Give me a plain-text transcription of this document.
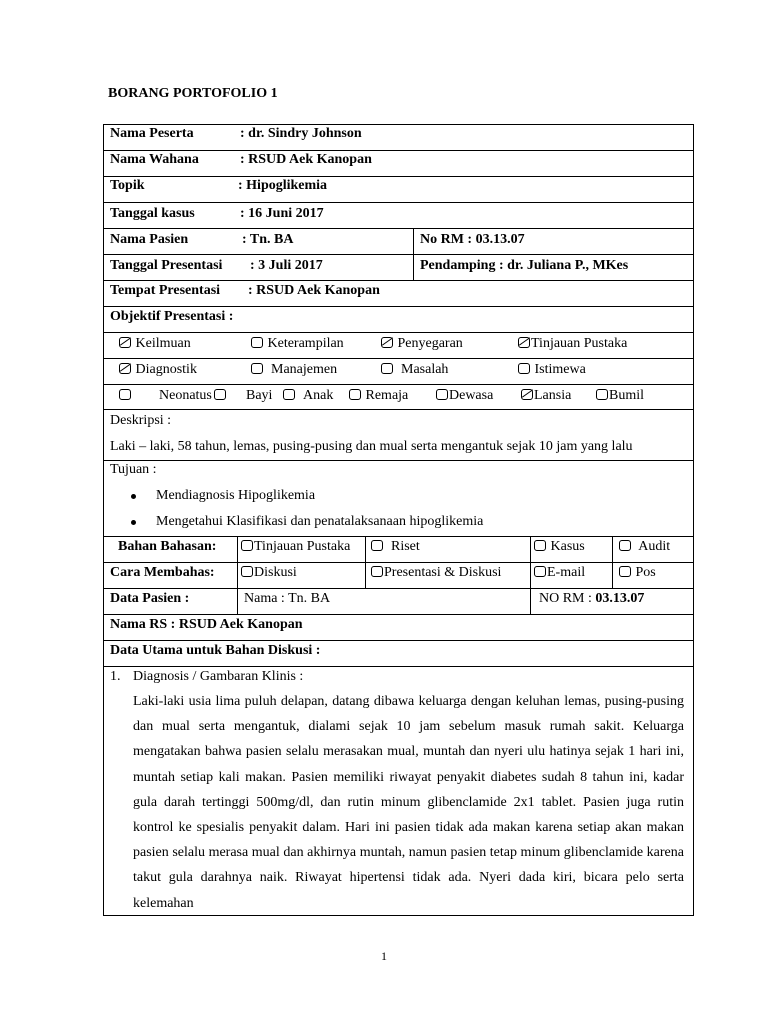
BORANG PORTOFOLIO 1
Nama Peserta	: dr. Sindry Johnson
Nama Wahana	: RSUD Aek Kanopan
Topik	: Hipoglikemia
Tanggal kasus	: 16 Juni 2017
Nama Pasien	: Tn. BA	No RM : 03.13.07
Tanggal Presentasi : 3 Juli 2017	Pendamping : dr. Juliana P., MKes
Tempat Presentasi : RSUD Aek Kanopan
Objektif Presentasi :
Keilmuan	Keterampilan	Penyegaran	Tinjauan Pustaka
Diagnostik	Manajemen	Masalah	Istimewa
Neonatus Bayi	Anak	Remaja	Dewasa	Lansia	Bumil
Deskripsi :
Laki – laki, 58 tahun, lemas, pusing-pusing dan mual serta mengantuk sejak 10 jam yang lalu
Tujuan :
Mendiagnosis Hipoglikemia
Mengetahui Klasifikasi dan penatalaksanaan hipoglikemia
Bahan Bahasan:	Tinjauan Pustaka	Riset	Kasus	Audit
Cara Membahas:	Diskusi	Presentasi & Diskusi	E-mail	Pos
Data Pasien :	Nama : Tn. BA	NO RM : 03.13.07
Nama RS : RSUD Aek Kanopan
Data Utama untuk Bahan Diskusi :
1. Diagnosis / Gambaran Klinis :
Laki-laki usia lima puluh delapan, datang dibawa keluarga dengan keluhan lemas, pusing-pusing dan mual serta mengantuk, dialami sejak 10 jam sebelum masuk rumah sakit. Keluarga mengatakan bahwa pasien selalu merasakan mual, muntah dan nyeri ulu hatinya sejak 1 hari ini, muntah setiap kali makan. Pasien memiliki riwayat penyakit diabetes sudah 8 tahun ini, kadar gula darah tertinggi 500mg/dl, dan rutin minum glibenclamide 2x1 tablet. Pasien juga rutin kontrol ke spesialis penyakit dalam. Hari ini pasien tidak ada makan karena setiap akan makan pasien selalu merasa mual dan akhirnya muntah, namun pasien tetap minum glibenclamide karena takut gula darahnya naik. Riwayat hipertensi tidak ada. Nyeri dada kiri, bicara pelo serta kelemahan
1
